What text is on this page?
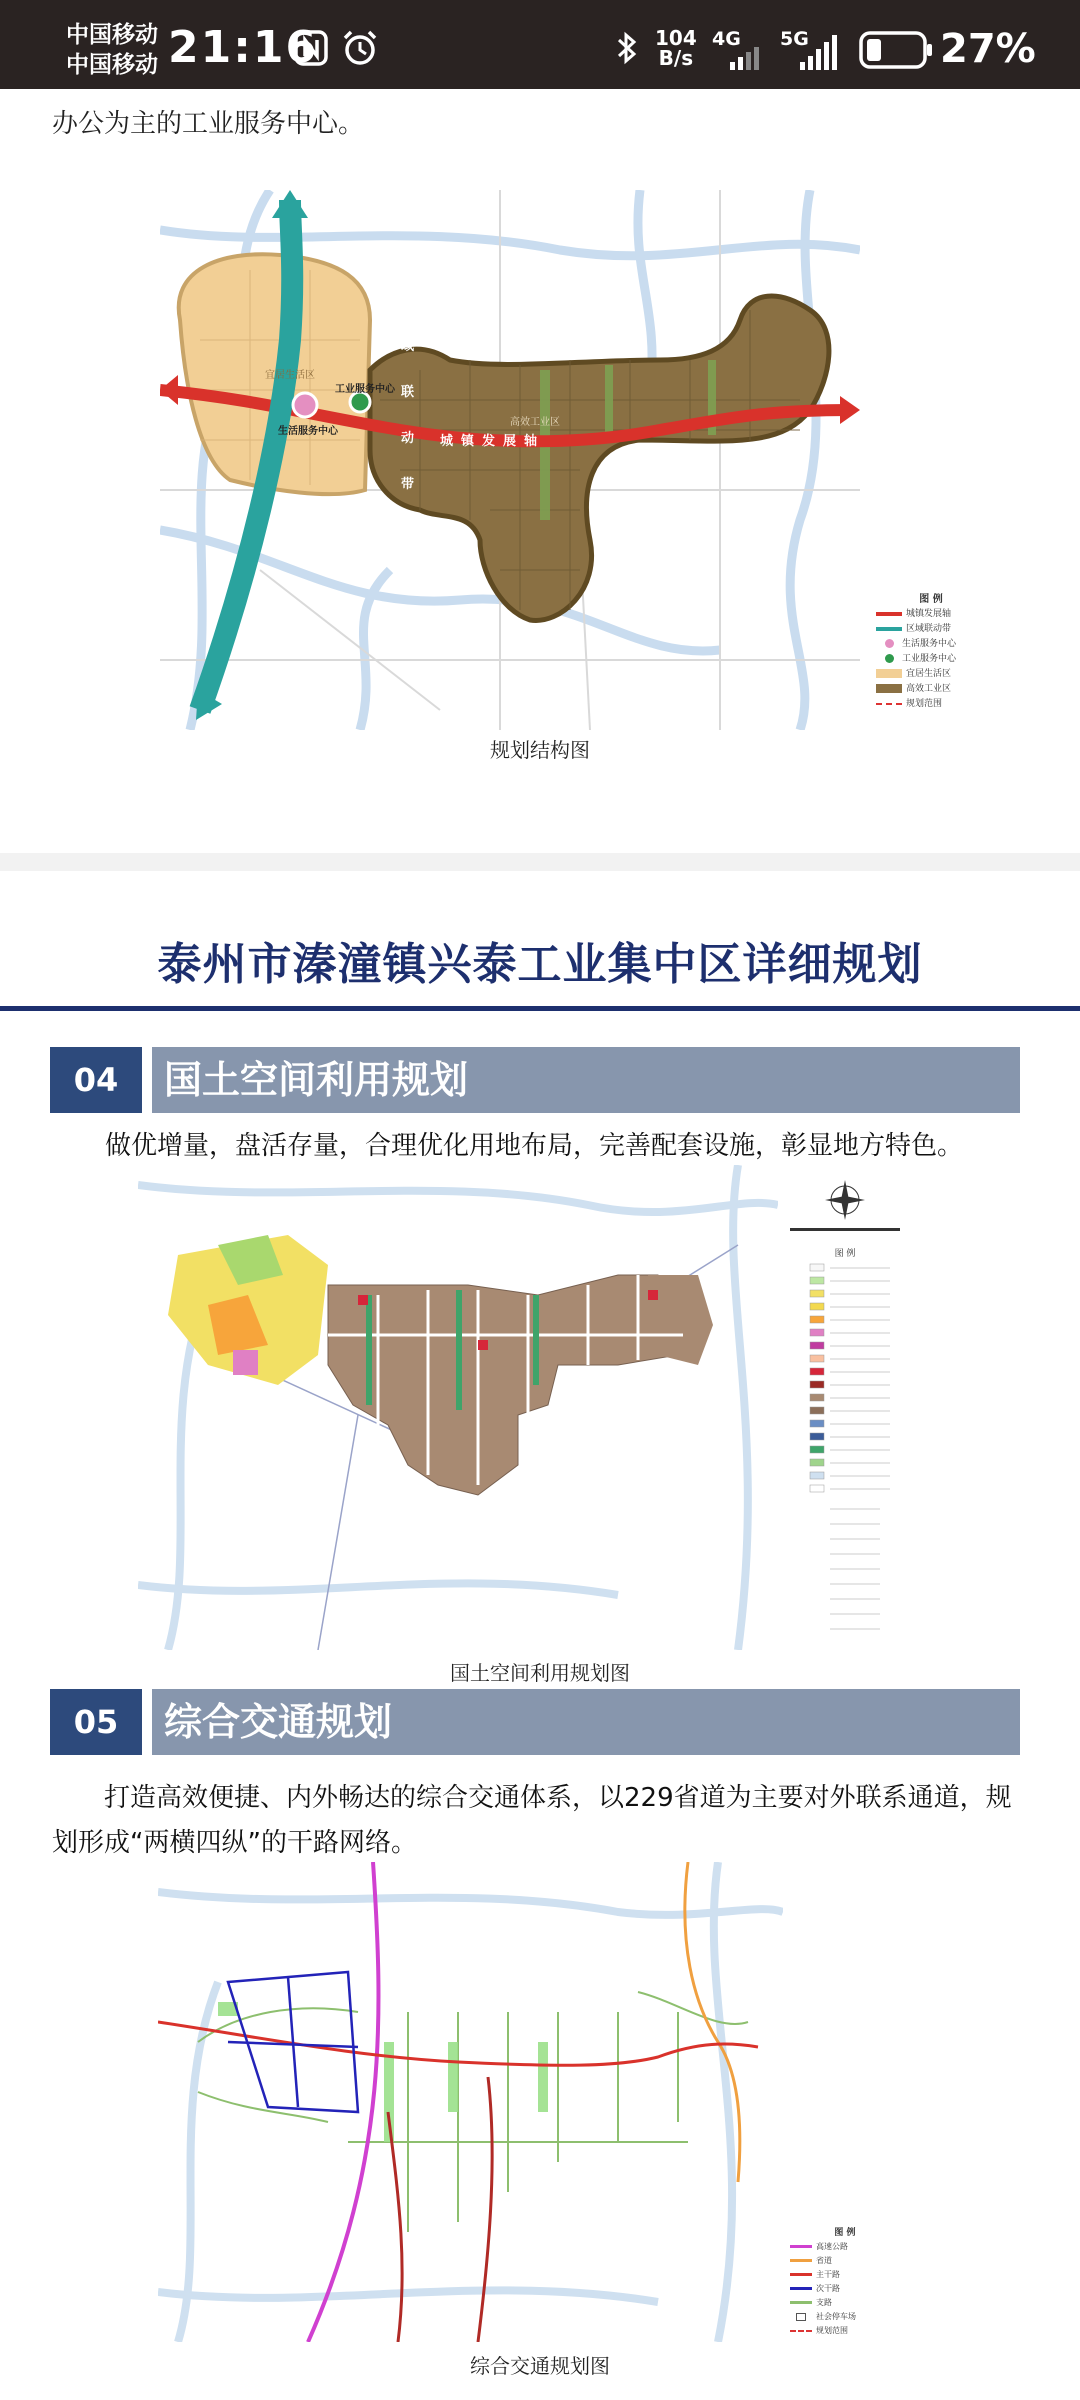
中国移动
中国移动 21:16	104
B/s
4G 5G	27%
办公为主的工业服务中心。
区
域
联
动
带
城镇发展轴
宜居生活区
高效工业区
工业服务中心
生活服务中心
图 例
城镇发展轴
区域联动带
生活服务中心
工业服务中心
宜居生活区
高效工业区
规划范围
规划结构图
泰州市溱潼镇兴泰工业集中区详细规划
04	国土空间利用规划
做优增量，盘活存量，合理优化用地布局，完善配套设施，彰显地方特色。
图 例
国土空间利用规划图
05	综合交通规划
打造高效便捷、内外畅达的综合交通体系，以229省道为主要对外联系通道，规划形成“两横四纵”的干路网络。
图 例
高速公路
省道
主干路
次干路
支路
社会停车场
规划范围
综合交通规划图
